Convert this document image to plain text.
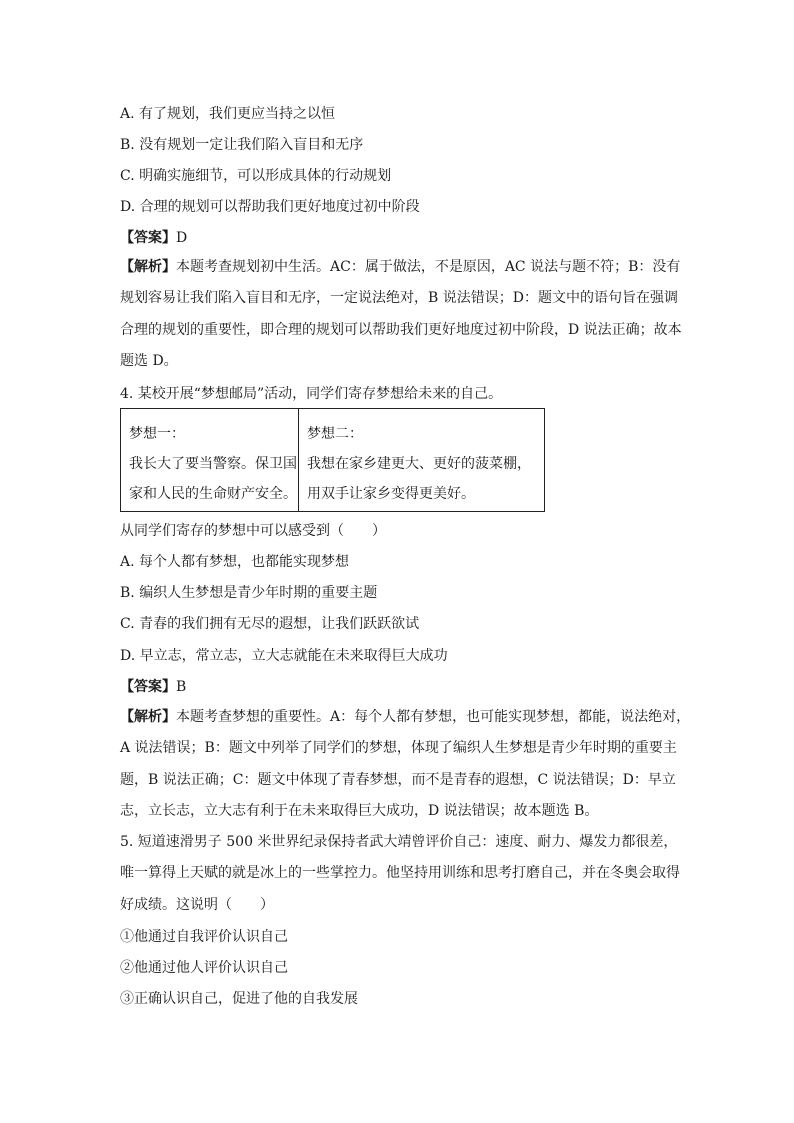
A. 有了规划，我们更应当持之以恒
B. 没有规划一定让我们陷入盲目和无序
C. 明确实施细节，可以形成具体的行动规划
D. 合理的规划可以帮助我们更好地度过初中阶段
【答案】D
【解析】本题考查规划初中生活。AC：属于做法，不是原因，AC 说法与题不符；B：没有
规划容易让我们陷入盲目和无序，一定说法绝对，B 说法错误；D：题文中的语句旨在强调
合理的规划的重要性，即合理的规划可以帮助我们更好地度过初中阶段，D 说法正确；故本
题选 D。
4. 某校开展“梦想邮局”活动，同学们寄存梦想给未来的自己。
梦想一：
我长大了要当警察。保卫国
家和人民的生命财产安全。
梦想二：
我想在家乡建更大、更好的菠菜棚，
用双手让家乡变得更美好。
从同学们寄存的梦想中可以感受到（　　）
A. 每个人都有梦想，也都能实现梦想
B. 编织人生梦想是青少年时期的重要主题
C. 青春的我们拥有无尽的遐想，让我们跃跃欲试
D. 早立志，常立志，立大志就能在未来取得巨大成功
【答案】B
【解析】本题考查梦想的重要性。A：每个人都有梦想，也可能实现梦想，都能，说法绝对，
A 说法错误；B：题文中列举了同学们的梦想，体现了编织人生梦想是青少年时期的重要主
题，B 说法正确；C：题文中体现了青春梦想，而不是青春的遐想，C 说法错误；D：早立
志，立长志，立大志有利于在未来取得巨大成功，D 说法错误；故本题选 B。
5. 短道速滑男子 500 米世界纪录保持者武大靖曾评价自己：速度、耐力、爆发力都很差，
唯一算得上天赋的就是冰上的一些掌控力。他坚持用训练和思考打磨自己，并在冬奥会取得
好成绩。这说明（　　）
①他通过自我评价认识自己
②他通过他人评价认识自己
③正确认识自己，促进了他的自我发展
